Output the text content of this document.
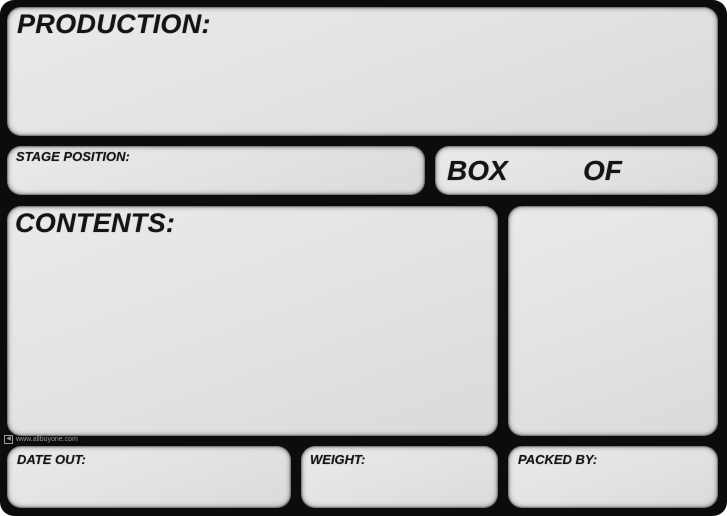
PRODUCTION:
STAGE POSITION:	BOX	OF
CONTENTS:
◀ www.allbuyone.com
DATE OUT:	WEIGHT:	PACKED BY:
